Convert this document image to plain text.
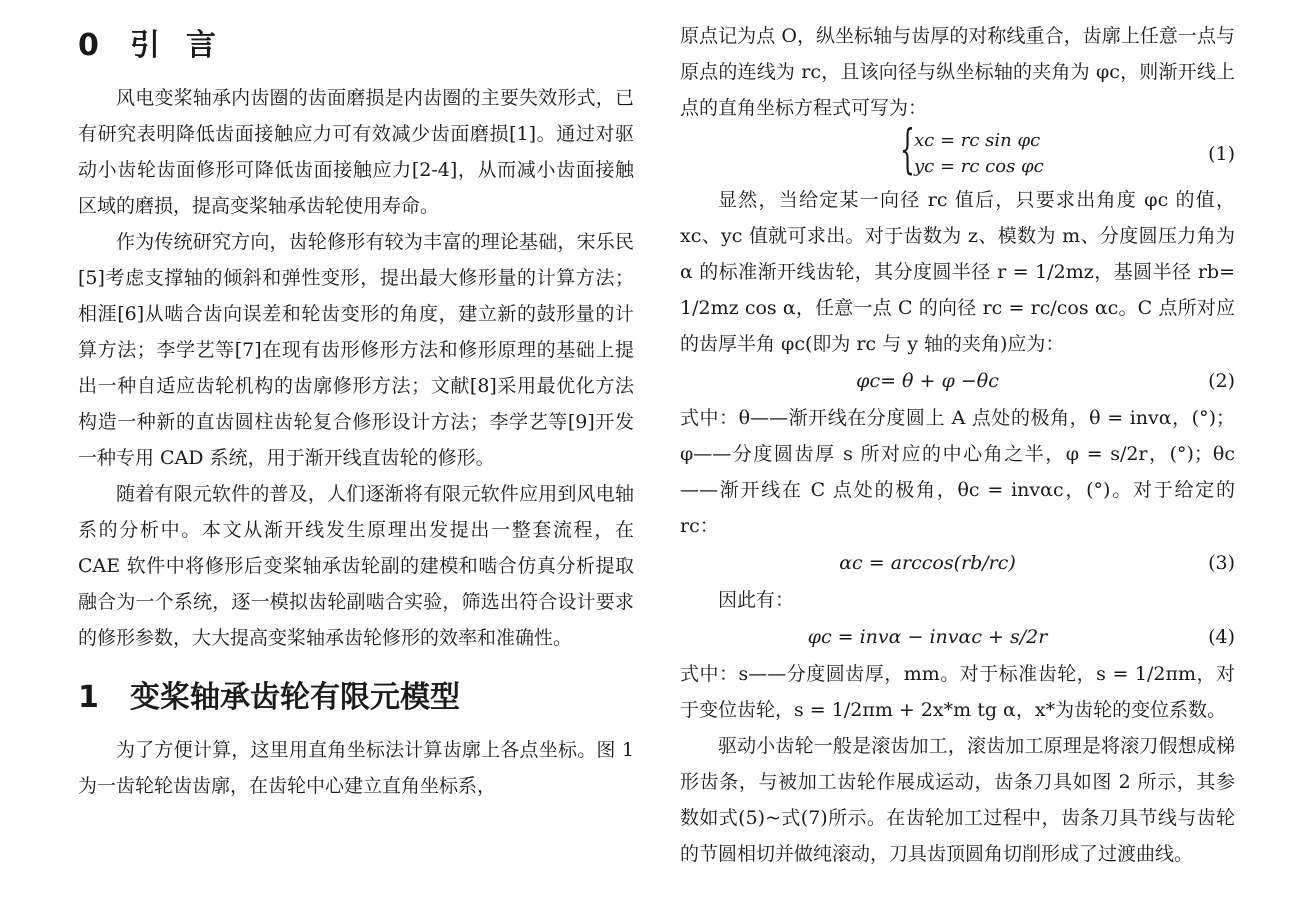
0 引言

风电变桨轴承内齿圈的齿面磨损是内齿圈的主要失效形式，已有研究表明降低齿面接触应力可有效减少齿面磨损[1]。通过对驱动小齿轮齿面修形可降低齿面接触应力[2-4]，从而减小齿面接触区域的磨损，提高变桨轴承齿轮使用寿命。

作为传统研究方向，齿轮修形有较为丰富的理论基础，宋乐民[5]考虑支撑轴的倾斜和弹性变形，提出最大修形量的计算方法；相涯[6]从啮合齿向误差和轮齿变形的角度，建立新的鼓形量的计算方法；李学艺等[7]在现有齿形修形方法和修形原理的基础上提出一种自适应齿轮机构的齿廓修形方法；文献[8]采用最优化方法构造一种新的直齿圆柱齿轮复合修形设计方法；李学艺等[9]开发一种专用 CAD 系统，用于渐开线直齿轮的修形。

随着有限元软件的普及，人们逐渐将有限元软件应用到风电轴系的分析中。本文从渐开线发生原理出发提出一整套流程，在 CAE 软件中将修形后变桨轴承齿轮副的建模和啮合仿真分析提取融合为一个系统，逐一模拟齿轮副啮合实验，筛选出符合设计要求的修形参数，大大提高变桨轴承齿轮修形的效率和准确性。

1 变桨轴承齿轮有限元模型

为了方便计算，这里用直角坐标法计算齿廓上各点坐标。图 1 为一齿轮轮齿齿廓，在齿轮中心建立直角坐标系，

原点记为点 O，纵坐标轴与齿厚的对称线重合，齿廓上任意一点与原点的连线为 rc，且该向径与纵坐标轴的夹角为 φc，则渐开线上点的直角坐标方程式可写为：

{ xc = rc sin φc
yc = rc cos φc
(1)

显然，当给定某一向径 rc 值后，只要求出角度 φc 的值，xc、yc 值就可求出。对于齿数为 z、模数为 m、分度圆压力角为 α 的标准渐开线齿轮，其分度圆半径 r = 1/2mz，基圆半径 rb= 1/2mz cos α，任意一点 C 的向径 rc = rc/cos αc。C 点所对应的齿厚半角 φc(即为 rc 与 y 轴的夹角)应为：

φc= θ + φ −θc	(2)

式中：θ——渐开线在分度圆上 A 点处的极角，θ = invα，(°)；φ——分度圆齿厚 s 所对应的中心角之半，φ = s/2r，(°)；θc——渐开线在 C 点处的极角，θc = invαc，(°)。对于给定的 rc：

αc = arccos(rb/rc)	(3)

因此有：

φc = invα − invαc + s/2r	(4)

式中：s——分度圆齿厚，mm。对于标准齿轮，s = 1/2πm，对于变位齿轮，s = 1/2πm + 2x*m tg α，x*为齿轮的变位系数。

驱动小齿轮一般是滚齿加工，滚齿加工原理是将滚刀假想成梯形齿条，与被加工齿轮作展成运动，齿条刀具如图 2 所示，其参数如式(5)~式(7)所示。在齿轮加工过程中，齿条刀具节线与齿轮的节圆相切并做纯滚动，刀具齿顶圆角切削形成了过渡曲线。
